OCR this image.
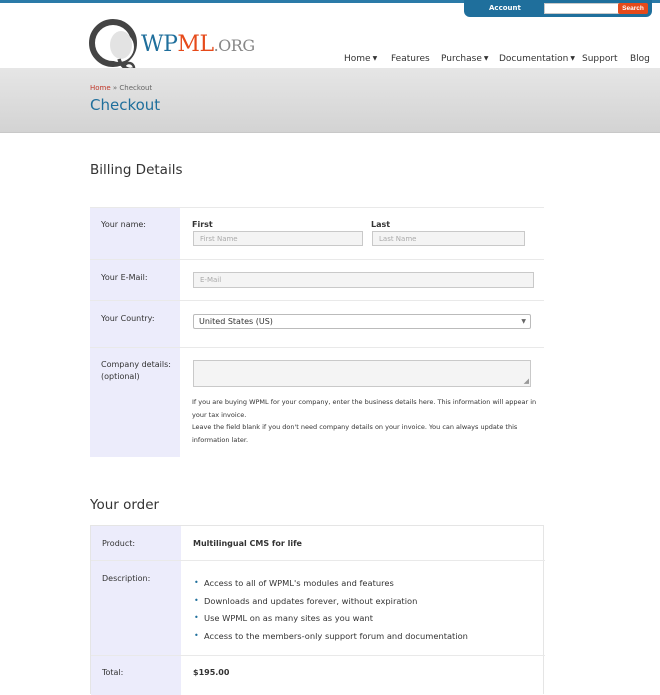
Account	Search
WPML.ORG
Home ▼ Features Purchase ▼ Documentation ▼ Support Blog
Home » Checkout
Checkout
Billing Details
Your name:	First	Last
First Name
Last Name
Your E-Mail:
E-Mail
Your Country:	United States (US)	▼
Company details:
(optional)	◢
If you are buying WPML for your company, enter the business details here. This information will appear in your tax invoice.
Leave the field blank if you don't need company details on your invoice. You can always update this information later.
Your order
Product:	Multilingual CMS for life
Description:	• Access to all of WPML's modules and features
• Downloads and updates forever, without expiration
• Use WPML on as many sites as you want
• Access to the members-only support forum and documentation
Total:	$195.00
